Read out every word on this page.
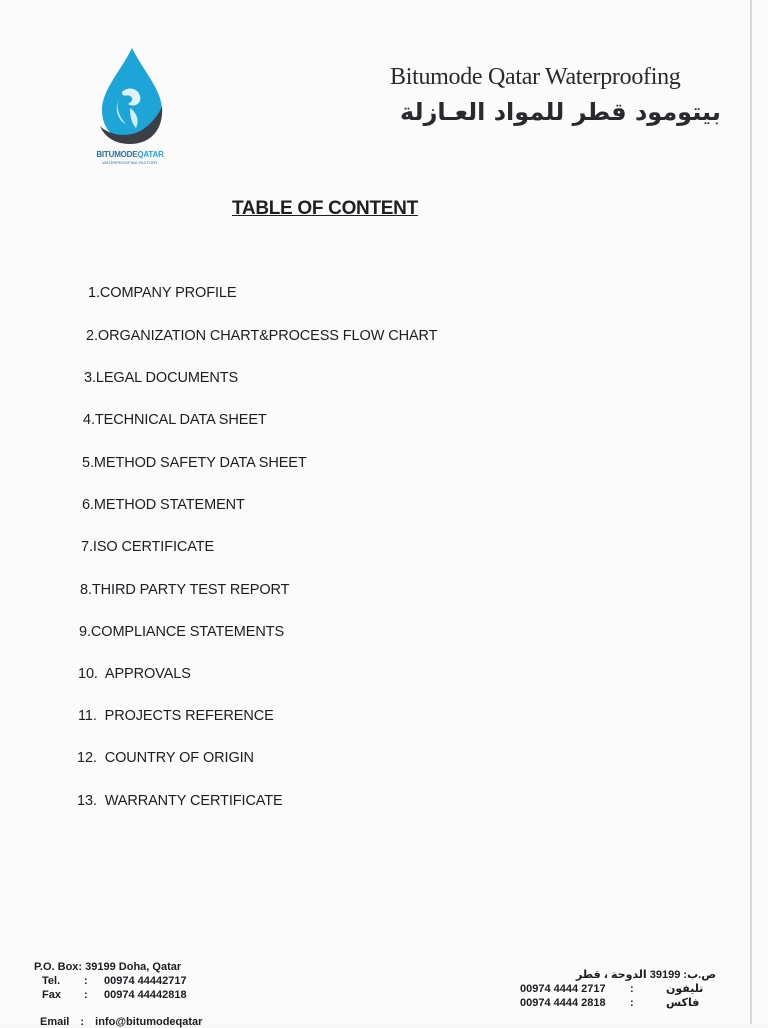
BITUMODEQATAR
WATERPROOFING FACTORY
Bitumode Qatar Waterproofing
بيتومود قطر للمواد العـازلة
TABLE OF CONTENT
1.COMPANY PROFILE
2.ORGANIZATION CHART&PROCESS FLOW CHART
3.LEGAL DOCUMENTS
4.TECHNICAL DATA SHEET
5.METHOD SAFETY DATA SHEET
6.METHOD STATEMENT
7.ISO CERTIFICATE
8.THIRD PARTY TEST REPORT
9.COMPLIANCE STATEMENTS
10.  APPROVALS
11.  PROJECTS REFERENCE
12.  COUNTRY OF ORIGIN
13.  WARRANTY CERTIFICATE
P.O. Box: 39199 Doha, Qatar
Tel.	:	00974 44442717
Fax	:	00974 44442818
Email : info@bitumodeqatar
ص.ب: 39199 الدوحة ، قطر
00974 4444 2717	:	تليفون
00974 4444 2818	:	فاكس
